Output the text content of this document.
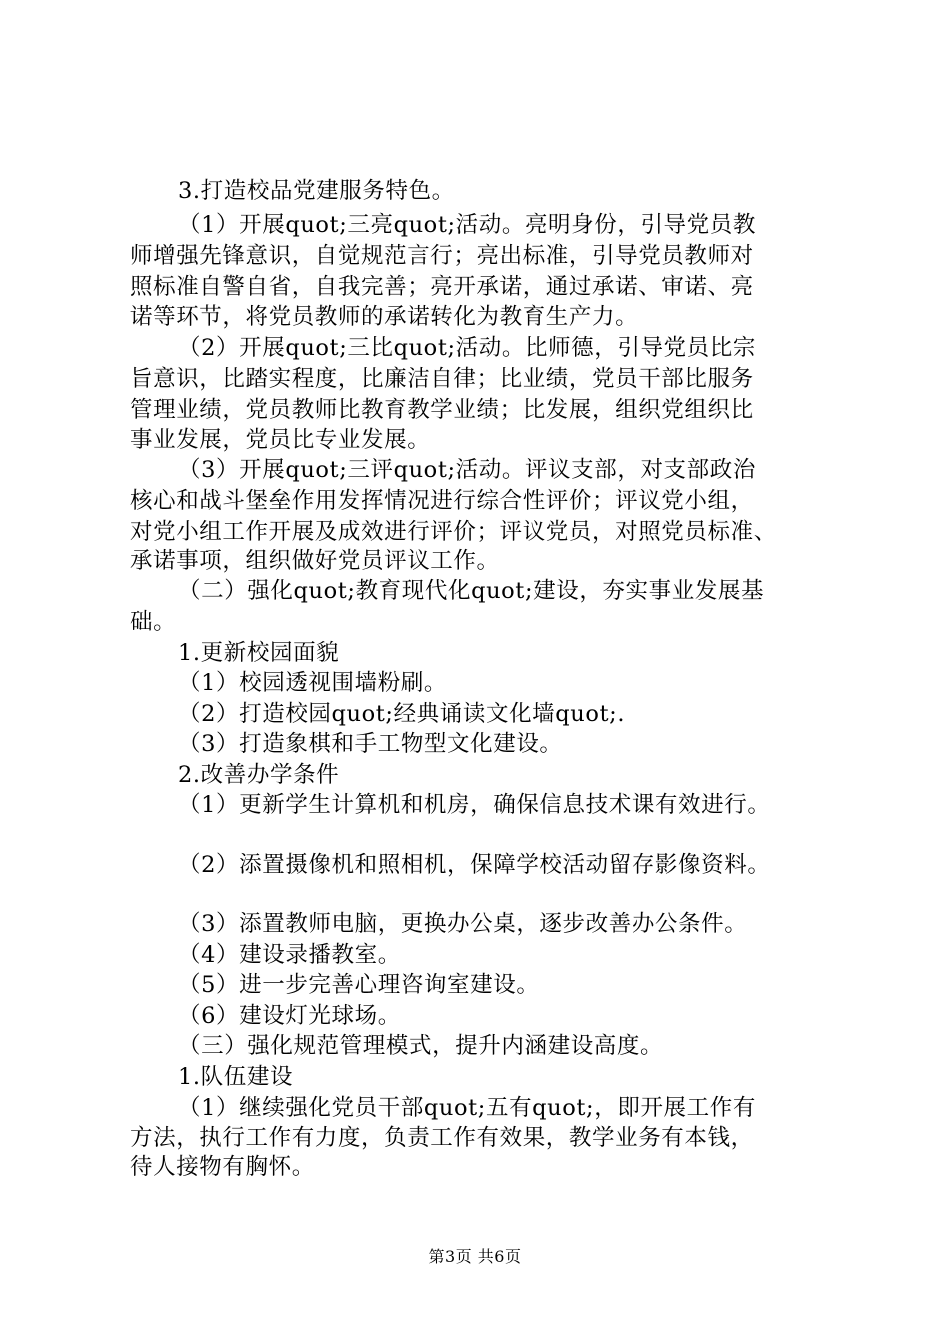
3.打造校品党建服务特色。
（1）开展quot;三亮quot;活动。亮明身份，引导党员教
师增强先锋意识，自觉规范言行；亮出标准，引导党员教师对
照标准自警自省，自我完善；亮开承诺，通过承诺、审诺、亮
诺等环节，将党员教师的承诺转化为教育生产力。
（2）开展quot;三比quot;活动。比师德，引导党员比宗
旨意识，比踏实程度，比廉洁自律；比业绩，党员干部比服务
管理业绩，党员教师比教育教学业绩；比发展，组织党组织比
事业发展，党员比专业发展。
（3）开展quot;三评quot;活动。评议支部，对支部政治
核心和战斗堡垒作用发挥情况进行综合性评价；评议党小组，
对党小组工作开展及成效进行评价；评议党员，对照党员标准、
承诺事项，组织做好党员评议工作。
（二）强化quot;教育现代化quot;建设，夯实事业发展基
础。
1.更新校园面貌
（1）校园透视围墙粉刷。
（2）打造校园quot;经典诵读文化墙quot;.
（3）打造象棋和手工物型文化建设。
2.改善办学条件
（1）更新学生计算机和机房，确保信息技术课有效进行。
（2）添置摄像机和照相机，保障学校活动留存影像资料。
（3）添置教师电脑，更换办公桌，逐步改善办公条件。
（4）建设录播教室。
（5）进一步完善心理咨询室建设。
（6）建设灯光球场。
（三）强化规范管理模式，提升内涵建设高度。
1.队伍建设
（1）继续强化党员干部quot;五有quot;，即开展工作有
方法，执行工作有力度，负责工作有效果，教学业务有本钱，
待人接物有胸怀。
第3页 共6页
